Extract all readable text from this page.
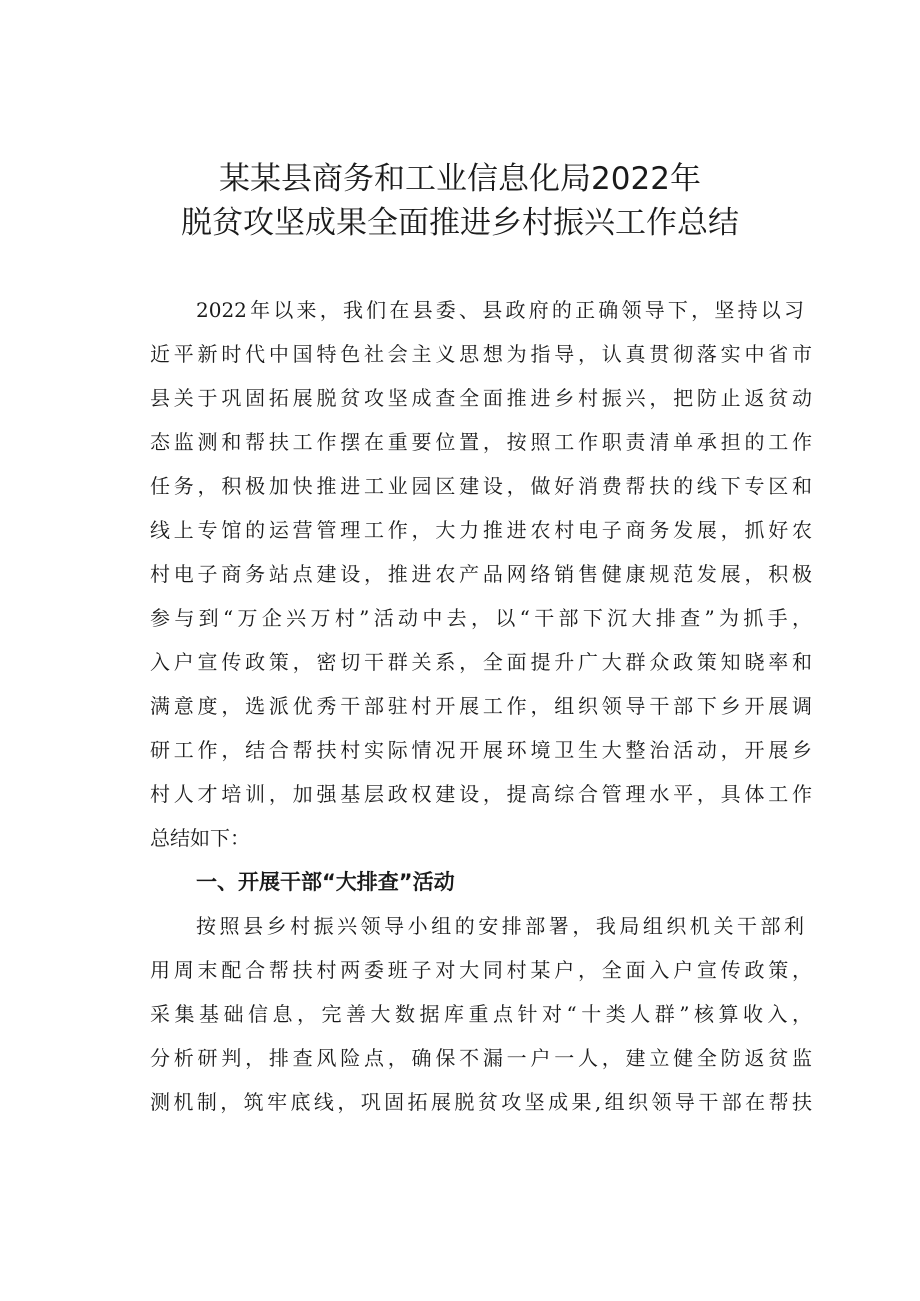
某某县商务和工业信息化局2022年
脱贫攻坚成果全面推进乡村振兴工作总结
2022年以来，我们在县委、县政府的正确领导下，坚持以习
近平新时代中国特色社会主义思想为指导，认真贯彻落实中省市
县关于巩固拓展脱贫攻坚成查全面推进乡村振兴，把防止返贫动
态监测和帮扶工作摆在重要位置，按照工作职责清单承担的工作
任务，积极加快推进工业园区建设，做好消费帮扶的线下专区和
线上专馆的运营管理工作，大力推进农村电子商务发展，抓好农
村电子商务站点建设，推进农产品网络销售健康规范发展，积极
参与到“万企兴万村”活动中去，以“干部下沉大排查”为抓手，
入户宣传政策，密切干群关系，全面提升广大群众政策知晓率和
满意度，选派优秀干部驻村开展工作，组织领导干部下乡开展调
研工作，结合帮扶村实际情况开展环境卫生大整治活动，开展乡
村人才培训，加强基层政权建设，提高综合管理水平，具体工作
总结如下：
一、开展干部“大排查”活动
按照县乡村振兴领导小组的安排部署，我局组织机关干部利
用周末配合帮扶村两委班子对大同村某户，全面入户宣传政策，
采集基础信息，完善大数据库重点针对“十类人群”核算收入，
分析研判，排查风险点，确保不漏一户一人，建立健全防返贫监
测机制，筑牢底线，巩固拓展脱贫攻坚成果,组织领导干部在帮扶
